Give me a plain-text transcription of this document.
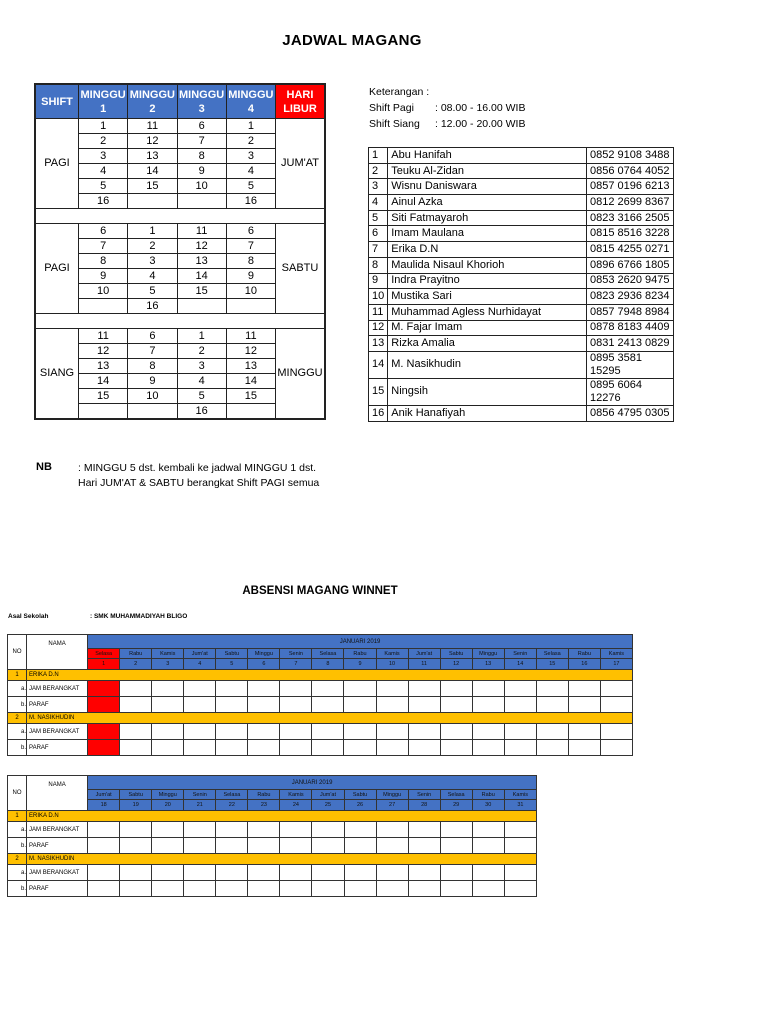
JADWAL MAGANG
SHIFT	MINGGU 1	MINGGU 2	MINGGU 3	MINGGU 4	HARI LIBUR
PAGI	1	11	6	1	JUM'AT
	2	12	7	2	
	3	13	8	3	
	4	14	9	4	
	5	15	10	5	
	16			16	

PAGI	6	1	11	6	SABTU
	7	2	12	7	
	8	3	13	8	
	9	4	14	9	
	10	5	15	10	
		16			

SIANG	11	6	1	11	MINGGU
	12	7	2	12	
	13	8	3	13	
	14	9	4	14	
	15	10	5	15	
			16		
Keterangan :
Shift Pagi : 08.00 - 16.00 WIB
Shift Siang : 12.00 - 20.00 WIB
1	Abu Hanifah	0852 9108 3488
2	Teuku Al-Zidan	0856 0764 4052
3	Wisnu Daniswara	0857 0196 6213
4	Ainul Azka	0812 2699 8367
5	Siti Fatmayaroh	0823 3166 2505
6	Imam Maulana	0815 8516 3228
7	Erika D.N	0815 4255 0271
8	Maulida Nisaul Khorioh	0896 6766 1805
9	Indra Prayitno	0853 2620 9475
10	Mustika Sari	0823 2936 8234
11	Muhammad Agless Nurhidayat	0857 7948 8984
12	M. Fajar Imam	0878 8183 4409
13	Rizka Amalia	0831 2413 0829
14	M. Nasikhudin	0895 3581 15295
15	Ningsih	0895 6064 12276
16	Anik Hanafiyah	0856 4795 0305
NB : MINGGU 5 dst. kembali ke jadwal MINGGU 1 dst.
Hari JUM'AT & SABTU berangkat Shift PAGI semua
ABSENSI MAGANG WINNET
Asal Sekolah	: SMK MUHAMMADIYAH BLIGO
NO	NAMA	JANUARI 2019																
		Selasa	Rabu	Kamis	Jum'at	Sabtu	Minggu	Senin	Selasa	Rabu	Kamis	Jum'at	Sabtu	Minggu	Senin	Selasa	Rabu	Kamis
		1	2	3	4	5	6	7	8	9	10	11	12	13	14	15	16	17
1	ERIKA D.N																	
a.	JAM BERANGKAT																	
b.	PARAF																	
2	M. NASIKHUDIN																	
a.	JAM BERANGKAT																	
b.	PARAF																	
NO	NAMA	JANUARI 2019													
		Jum'at	Sabtu	Minggu	Senin	Selasa	Rabu	Kamis	Jum'at	Sabtu	Minggu	Senin	Selasa	Rabu	Kamis
		18	19	20	21	22	23	24	25	26	27	28	29	30	31
1	ERIKA D.N														
a.	JAM BERANGKAT														
b.	PARAF														
2	M. NASIKHUDIN														
a.	JAM BERANGKAT														
b.	PARAF														
